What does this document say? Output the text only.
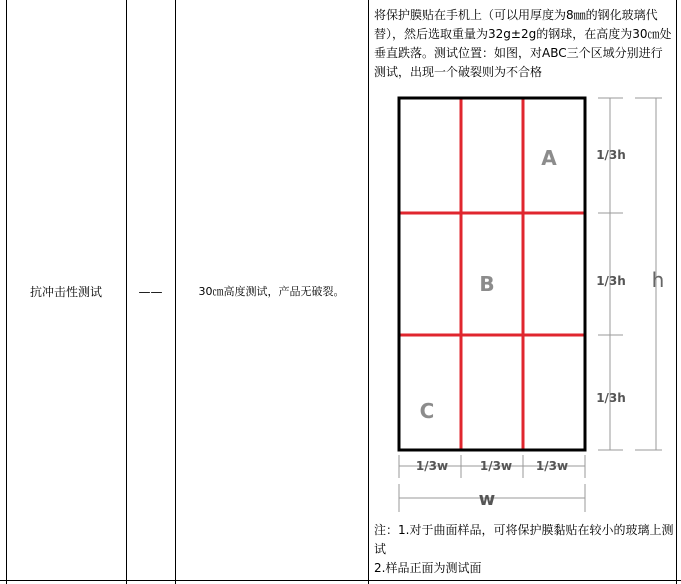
抗冲击性测试	——	30㎝高度测试，产品无破裂。
将保护膜贴在手机上（可以用厚度为8㎜的钢化玻璃代替），然后选取重量为32g±2g的钢球，在高度为30㎝处垂直跌落。测试位置：如图，对ABC三个区域分别进行测试，出现一个破裂则为不合格
A
B
C
1/3h
1/3h
1/3h
h
1/3w	1/3w 1/3w
w
注：1.对于曲面样品，可将保护膜黏贴在较小的玻璃上测试
2.样品正面为测试面
